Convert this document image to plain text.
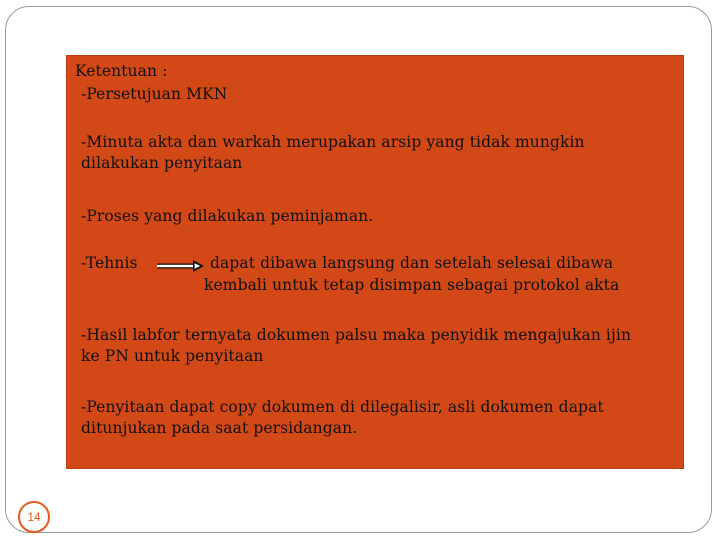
Ketentuan :

-Persetujuan MKN

-Minuta akta dan warkah merupakan arsip yang tidak mungkin
dilakukan penyitaan

-Proses yang dilakukan peminjaman.

-Tehnis	dapat dibawa langsung dan setelah selesai dibawa

kembali untuk tetap disimpan sebagai protokol akta

-Hasil labfor ternyata dokumen palsu maka penyidik mengajukan ijin
ke PN untuk penyitaan
-Penyitaan dapat copy dokumen di dilegalisir, asli dokumen dapat
ditunjukan pada saat persidangan.
14
